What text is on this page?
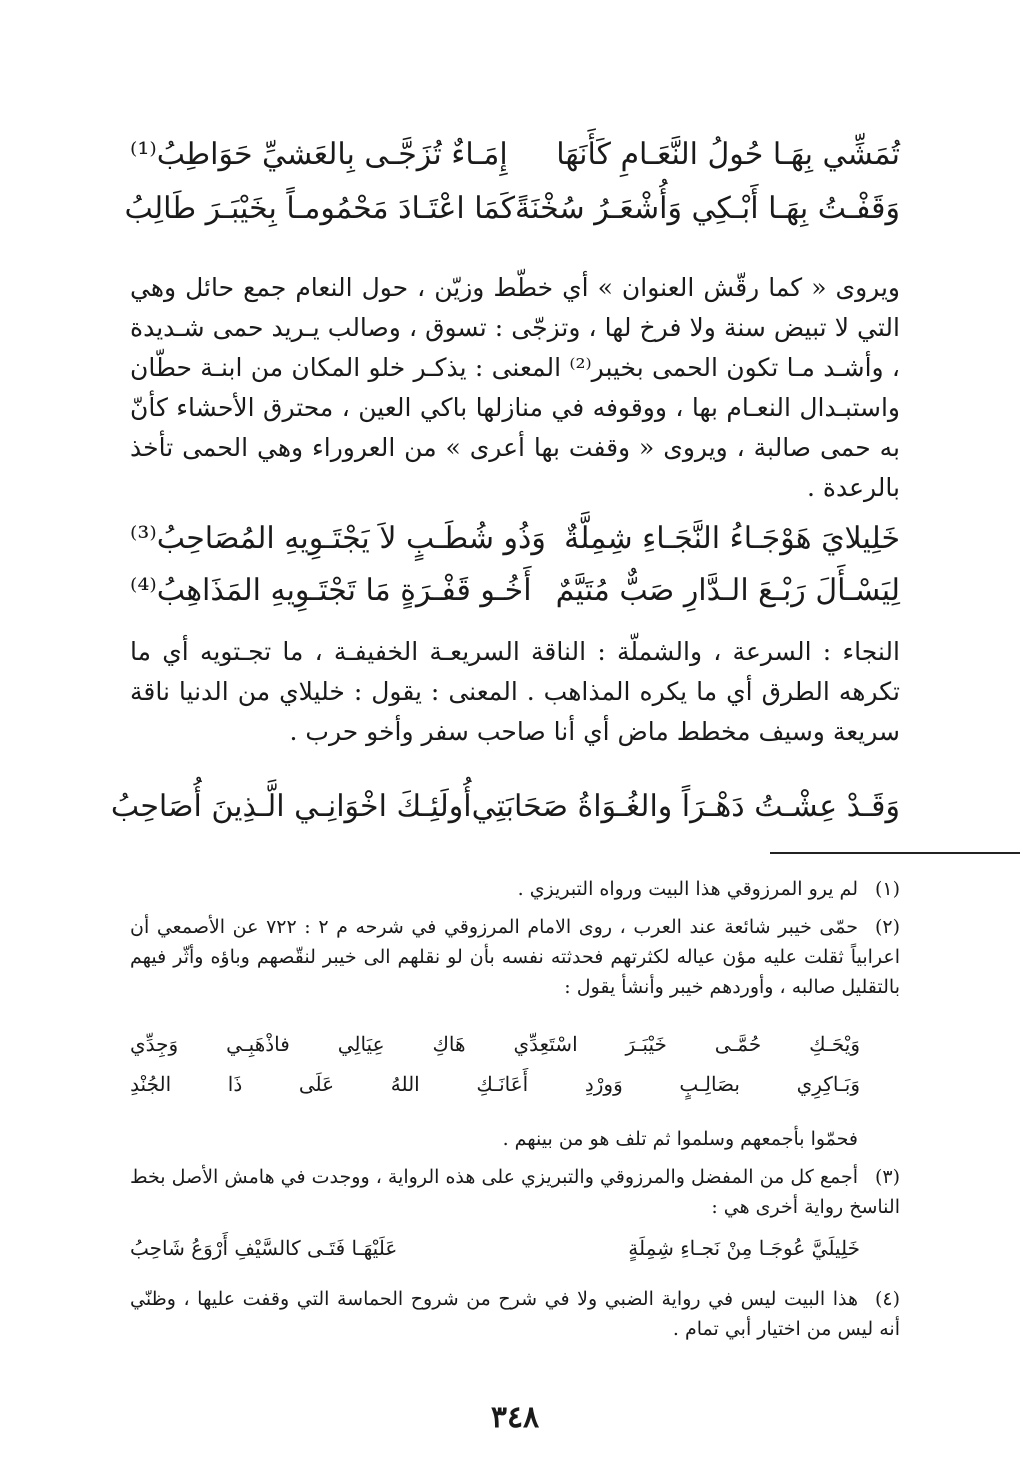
تُمَشِّي بِهَـا حُولُ النَّعَـامِ كَأَنَهَا
إِمَـاءٌ تُزَجَّـى بِالعَشيِّ حَوَاطِبُ⁽¹⁾
وَقَفْـتُ بِهَـا أَبْـكِي وَأُشْعَـرُ سُخْنَةً
كَمَا اعْتَـادَ مَحْمُومـاً بِخَيْبَـرَ طَالِبُ
ويروى « كما رقّش العنوان » أي خطّط وزيّن ، حول النعام جمع حائل وهي التي لا تبيض سنة ولا فرخ لها ، وتزجّى : تسوق ، وصالب يـريد حمى شـديدة ، وأشـد مـا تكون الحمى بخيبر⁽²⁾ المعنى : يذكـر خلو المكان من ابنـة حطّان واستبـدال النعـام بها ، ووقوفه في منازلها باكي العين ، محترق الأحشاء كأنّ به حمى صالبة ، ويروى « وقفت بها أعرى » من العروراء وهي الحمى تأخذ بالرعدة .
خَلِيلايَ هَوْجَـاءُ النَّجَـاءِ شِمِلَّةٌ
وَذُو شُطَـبٍ لاَ يَجْتَـوِيهِ المُصَاحِبُ⁽³⁾
لِيَسْـأَلَ رَبْـعَ الـدَّارِ صَبٌّ مُتَيَّمٌ
أَخُـو قَفْـرَةٍ مَا تَجْتَـوِيهِ المَذَاهِبُ⁽⁴⁾
النجاء : السرعة ، والشملّة : الناقة السريعـة الخفيفـة ، ما تجـتويه أي ما تكرهه الطرق أي ما يكره المذاهب . المعنى : يقول : خليلاي من الدنيا ناقة سريعة وسيف مخطط ماض أي أنا صاحب سفر وأخو حرب .
وَقَـدْ عِشْـتُ دَهْـرَاً والغُـوَاةُ صَحَابَتِي
أُولَئِـكَ اخْوَانِـي الَّـذِينَ أُصَاحِبُ
(١)لم يرو المرزوقي هذا البيت ورواه التبريزي .
(٢)حمّى خيبر شائعة عند العرب ، روى الامام المرزوقي في شرحه م ٢ : ٧٢٢ عن الأصمعي أن اعرابياً ثقلت عليه مؤن عياله لكثرتهم فحدثته نفسه بأن لو نقلهم الى خيبر لنقّصهم وباؤه وأثّر فيهم بالتقليل صالبه ، وأوردهم خيبر وأنشأ يقول :
وَيْحَـكِ
حُمَّـى
خَيْبَـرَ
اسْتَعِدِّي
هَاكِ
عِيَالِي
فاذْهَبِـي
وَجِدِّي
وَبَـاكِرِي
بصَالِـبٍ
وَورْدِ
أَعَانَـكِ
اللهُ
عَلَى
ذَا
الجُنْدِ
فحمّوا بأجمعهم وسلموا ثم تلف هو من بينهم .
(٣)أجمع كل من المفضل والمرزوقي والتبريزي على هذه الرواية ، ووجدت في هامش الأصل بخط الناسخ رواية أخرى هي :
خَلِيلَيَّ عُوجَـا مِنْ نَجـاءِ شِمِلَةٍ
عَلَيْهَـا فَتَـى كالسَّيْفِ أَرْوَعُ شَاحِبُ
(٤)هذا البيت ليس في رواية الضبي ولا في شرح من شروح الحماسة التي وقفت عليها ، وظنّي أنه ليس من اختيار أبي تمام .
٣٤٨
